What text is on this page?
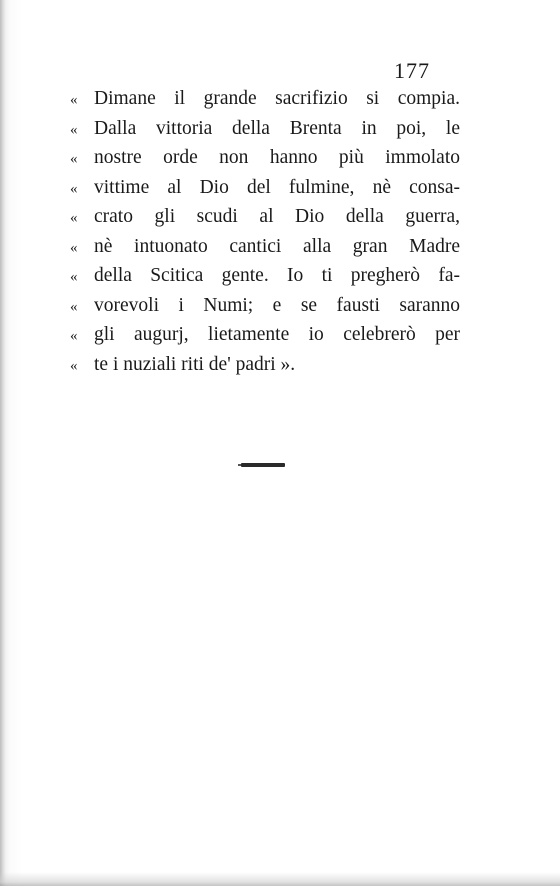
177
« Dimane il grande sacrifizio si compia.
« Dalla vittoria della Brenta in poi, le
« nostre orde non hanno più immolato
« vittime al Dio del fulmine, nè consa-
« crato gli scudi al Dio della guerra,
« nè intuonato cantici alla gran Madre
« della Scitica gente. Io ti pregherò fa-
« vorevoli i Numi; e se fausti saranno
« gli augurj, lietamente io celebrerò per
« te i nuziali riti de' padri ».
